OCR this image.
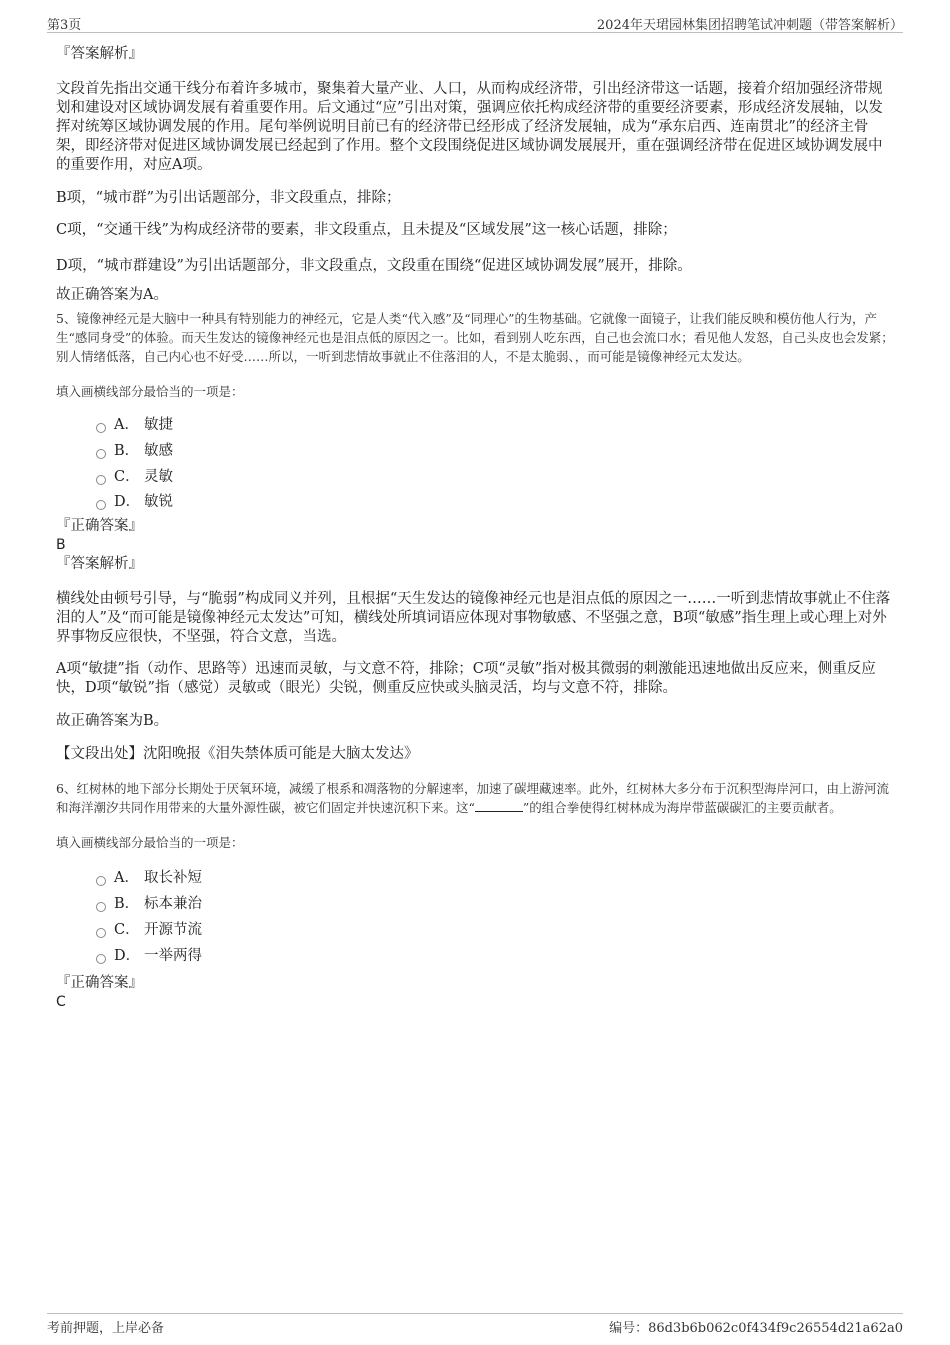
第3页	2024年天珺园林集团招聘笔试冲刺题（带答案解析）

『答案解析』

文段首先指出交通干线分布着许多城市，聚集着大量产业、人口，从而构成经济带，引出经济带这一话题，接着介绍加强经济带规划和建设对区域协调发展有着重要作用。后文通过“应”引出对策，强调应依托构成经济带的重要经济要素，形成经济发展轴，以发挥对统筹区域协调发展的作用。尾句举例说明目前已有的经济带已经形成了经济发展轴，成为“承东启西、连南贯北”的经济主骨架，即经济带对促进区域协调发展已经起到了作用。整个文段围绕促进区域协调发展展开，重在强调经济带在促进区域协调发展中的重要作用，对应A项。

B项，“城市群”为引出话题部分，非文段重点，排除；

C项，“交通干线”为构成经济带的要素，非文段重点，且未提及“区域发展”这一核心话题，排除；

D项，“城市群建设”为引出话题部分，非文段重点，文段重在围绕“促进区域协调发展”展开，排除。

故正确答案为A。

5、镜像神经元是大脑中一种具有特别能力的神经元，它是人类“代入感”及“同理心”的生物基础。它就像一面镜子，让我们能反映和模仿他人行为，产生“感同身受”的体验。而天生发达的镜像神经元也是泪点低的原因之一。比如，看到别人吃东西，自己也会流口水；看见他人发怒，自己头皮也会发紧；别人情绪低落，自己内心也不好受……所以，一听到悲情故事就止不住落泪的人，不是太脆弱、，而可能是镜像神经元太发达。

填入画横线部分最恰当的一项是：

A． 敏捷
B． 敏感
C． 灵敏
D． 敏锐

『正确答案』

B

『答案解析』

横线处由顿号引导，与“脆弱”构成同义并列，且根据“天生发达的镜像神经元也是泪点低的原因之一……一听到悲情故事就止不住落泪的人”及“而可能是镜像神经元太发达”可知，横线处所填词语应体现对事物敏感、不坚强之意，B项“敏感”指生理上或心理上对外界事物反应很快，不坚强，符合文意，当选。

A项“敏捷”指（动作、思路等）迅速而灵敏，与文意不符，排除；C项“灵敏”指对极其微弱的刺激能迅速地做出反应来，侧重反应快，D项“敏锐”指（感觉）灵敏或（眼光）尖锐，侧重反应快或头脑灵活，均与文意不符，排除。

故正确答案为B。

【文段出处】沈阳晚报《泪失禁体质可能是大脑太发达》

6、红树林的地下部分长期处于厌氧环境，减缓了根系和凋落物的分解速率，加速了碳埋藏速率。此外，红树林大多分布于沉积型海岸河口，由上游河流和海洋潮汐共同作用带来的大量外源性碳，被它们固定并快速沉积下来。这“	”的组合拳使得红树林成为海岸带蓝碳碳汇的主要贡献者。

填入画横线部分最恰当的一项是：

A． 取长补短
B． 标本兼治
C． 开源节流
D． 一举两得

『正确答案』

C

考前押题，上岸必备	编号：86d3b6b062c0f434f9c26554d21a62a0
